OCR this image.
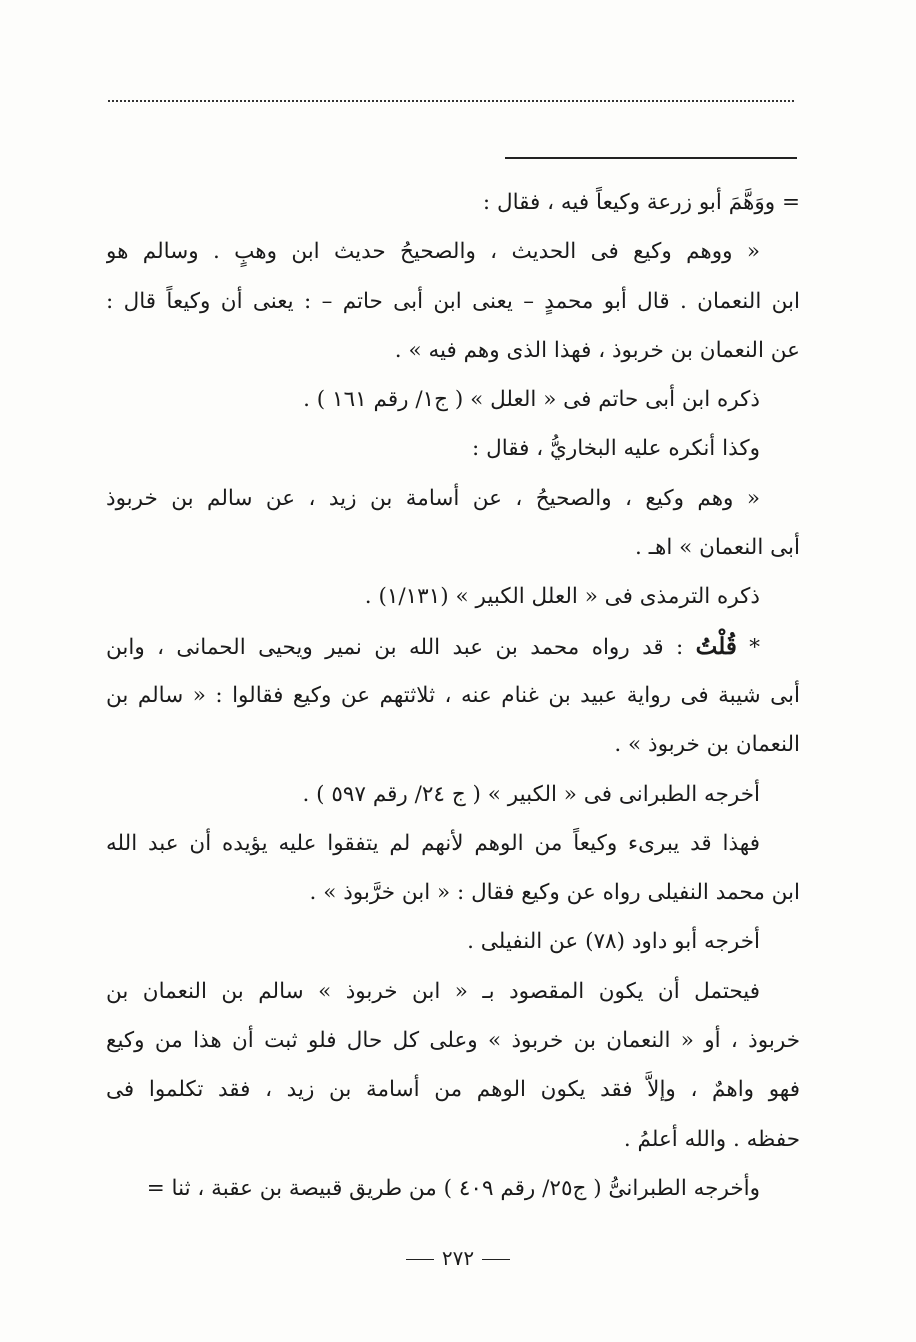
= ووَهَّمَ أبو زرعة وكيعاً فيه ، فقال :
« ووهم وكيع فى الحديث ، والصحيحُ حديث ابن وهبٍ . وسالم هو
ابن النعمان . قال أبو محمدٍ – يعنى ابن أبى حاتم – : يعنى أن وكيعاً قال :
عن النعمان بن خربوذ ، فهذا الذى وهم فيه » .
ذكره ابن أبى حاتم فى « العلل » ( ج١/ رقم ١٦١ ) .
وكذا أنكره عليه البخاريُّ ، فقال :
« وهم وكيع ، والصحيحُ ، عن أسامة بن زيد ، عن سالم بن خربوذ
أبى النعمان » اهـ .
ذكره الترمذى فى « العلل الكبير » (١/١٣١) .
* قُلْتُ : قد رواه محمد بن عبد الله بن نمير ويحيى الحمانى ، وابن
أبى شيبة فى رواية عبيد بن غنام عنه ، ثلاثتهم عن وكيع فقالوا : « سالم بن
النعمان بن خربوذ » .
أخرجه الطبرانى فى « الكبير » ( ج ٢٤/ رقم ٥٩٧ ) .
فهذا قد يبرىء وكيعاً من الوهم لأنهم لم يتفقوا عليه يؤيده أن عبد الله
ابن محمد النفيلى رواه عن وكيع فقال : « ابن خرَّبوذ » .
أخرجه أبو داود (٧٨) عن النفيلى .
فيحتمل أن يكون المقصود بـ « ابن خربوذ » سالم بن النعمان بن
خربوذ ، أو « النعمان بن خربوذ » وعلى كل حال فلو ثبت أن هذا من وكيع
فهو واهمٌ ، وإلاَّ فقد يكون الوهم من أسامة بن زيد ، فقد تكلموا فى
حفظه . والله أعلمُ .
وأخرجه الطبرانىُّ ( ج٢٥/ رقم ٤٠٩ ) من طريق قبيصة بن عقبة ، ثنا =
٢٧٢
